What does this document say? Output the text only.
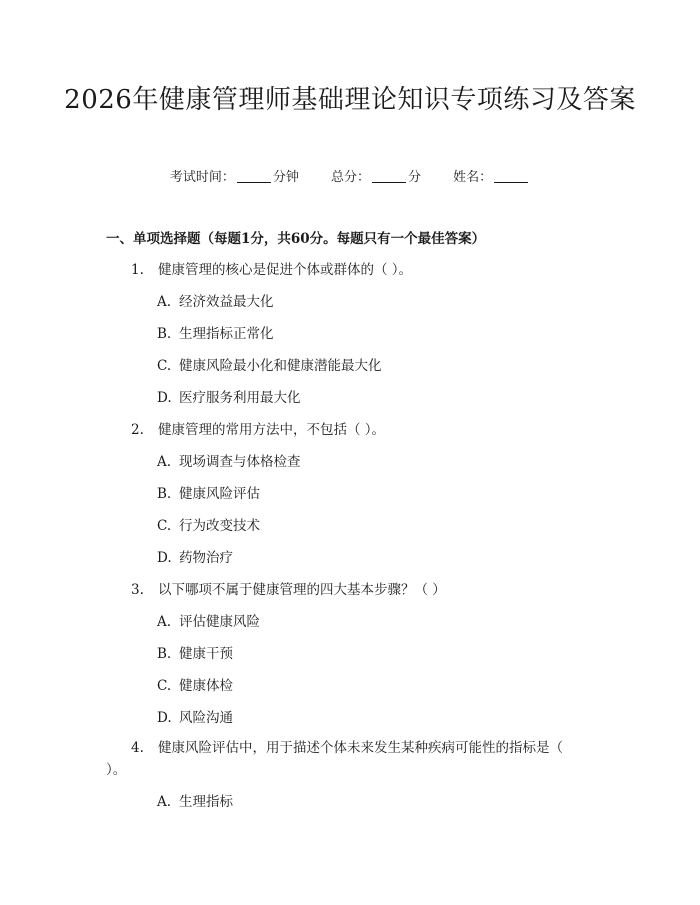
2026年健康管理师基础理论知识专项练习及答案
考试时间：	分钟 总分：	分 姓名：
一、单项选择题（每题1分，共60分。每题只有一个最佳答案）
1. 健康管理的核心是促进个体或群体的（ ）。
A. 经济效益最大化
B. 生理指标正常化
C. 健康风险最小化和健康潜能最大化
D. 医疗服务利用最大化
2. 健康管理的常用方法中，不包括（ ）。
A. 现场调查与体格检查
B. 健康风险评估
C. 行为改变技术
D. 药物治疗
3. 以下哪项不属于健康管理的四大基本步骤？（ ）
A. 评估健康风险
B. 健康干预
C. 健康体检
D. 风险沟通
4. 健康风险评估中，用于描述个体未来发生某种疾病可能性的指标是（ ）。
A. 生理指标
